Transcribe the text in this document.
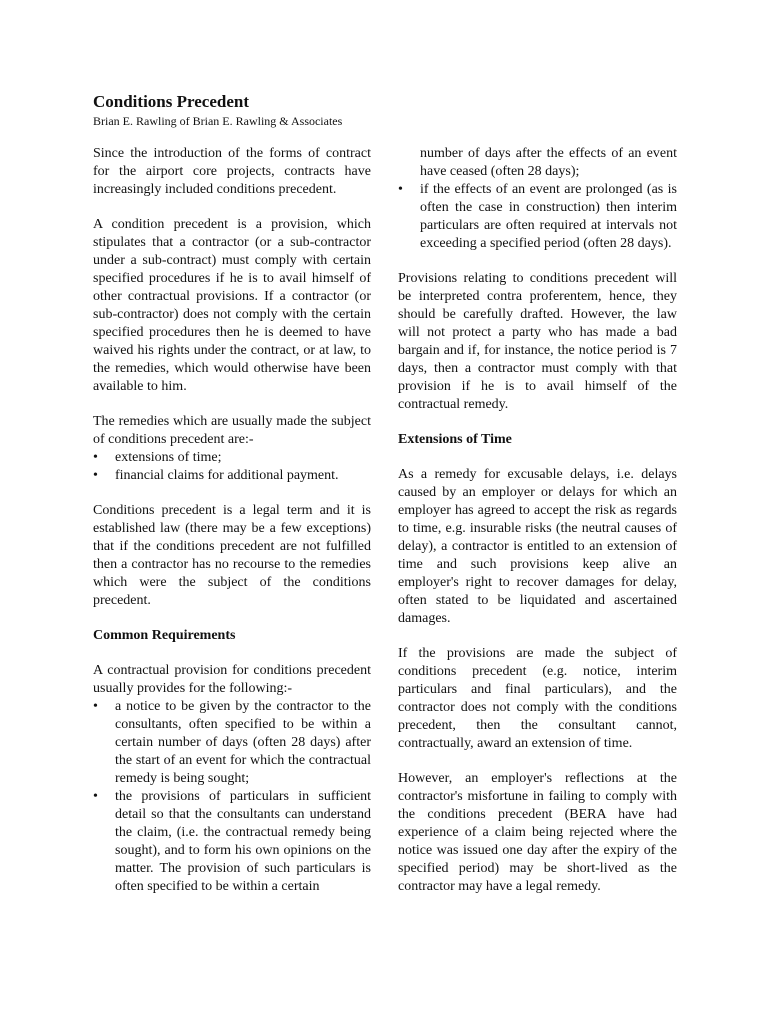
Conditions Precedent

Brian E. Rawling of Brian E. Rawling & Associates

Since the introduction of the forms of contract for the airport core projects, contracts have increasingly included conditions precedent.

A condition precedent is a provision, which stipulates that a contractor (or a sub-contractor under a sub-contract) must comply with certain specified procedures if he is to avail himself of other contractual provisions. If a contractor (or sub-contractor) does not comply with the certain specified procedures then he is deemed to have waived his rights under the contract, or at law, to the remedies, which would otherwise have been available to him.

The remedies which are usually made the subject of conditions precedent are:-

•	extensions of time;
•	financial claims for additional payment.

Conditions precedent is a legal term and it is established law (there may be a few exceptions) that if the conditions precedent are not fulfilled then a contractor has no recourse to the remedies which were the subject of the conditions precedent.

Common Requirements

A contractual provision for conditions precedent usually provides for the following:-

•	a notice to be given by the contractor to the consultants, often specified to be within a certain number of days (often 28 days) after the start of an event for which the contractual remedy is being sought;
•	the provisions of particulars in sufficient detail so that the consultants can understand the claim, (i.e. the contractual remedy being sought), and to form his own opinions on the matter. The provision of such particulars is often specified to be within a certain

number of days after the effects of an event have ceased (often 28 days);

•	if the effects of an event are prolonged (as is often the case in construction) then interim particulars are often required at intervals not exceeding a specified period (often 28 days).

Provisions relating to conditions precedent will be interpreted contra proferentem, hence, they should be carefully drafted. However, the law will not protect a party who has made a bad bargain and if, for instance, the notice period is 7 days, then a contractor must comply with that provision if he is to avail himself of the contractual remedy.

Extensions of Time

As a remedy for excusable delays, i.e. delays caused by an employer or delays for which an employer has agreed to accept the risk as regards to time, e.g. insurable risks (the neutral causes of delay), a contractor is entitled to an extension of time and such provisions keep alive an employer's right to recover damages for delay, often stated to be liquidated and ascertained damages.

If the provisions are made the subject of conditions precedent (e.g. notice, interim particulars and final particulars), and the contractor does not comply with the conditions precedent, then the consultant cannot, contractually, award an extension of time.

However, an employer's reflections at the contractor's misfortune in failing to comply with the conditions precedent (BERA have had experience of a claim being rejected where the notice was issued one day after the expiry of the specified period) may be short-lived as the contractor may have a legal remedy.
